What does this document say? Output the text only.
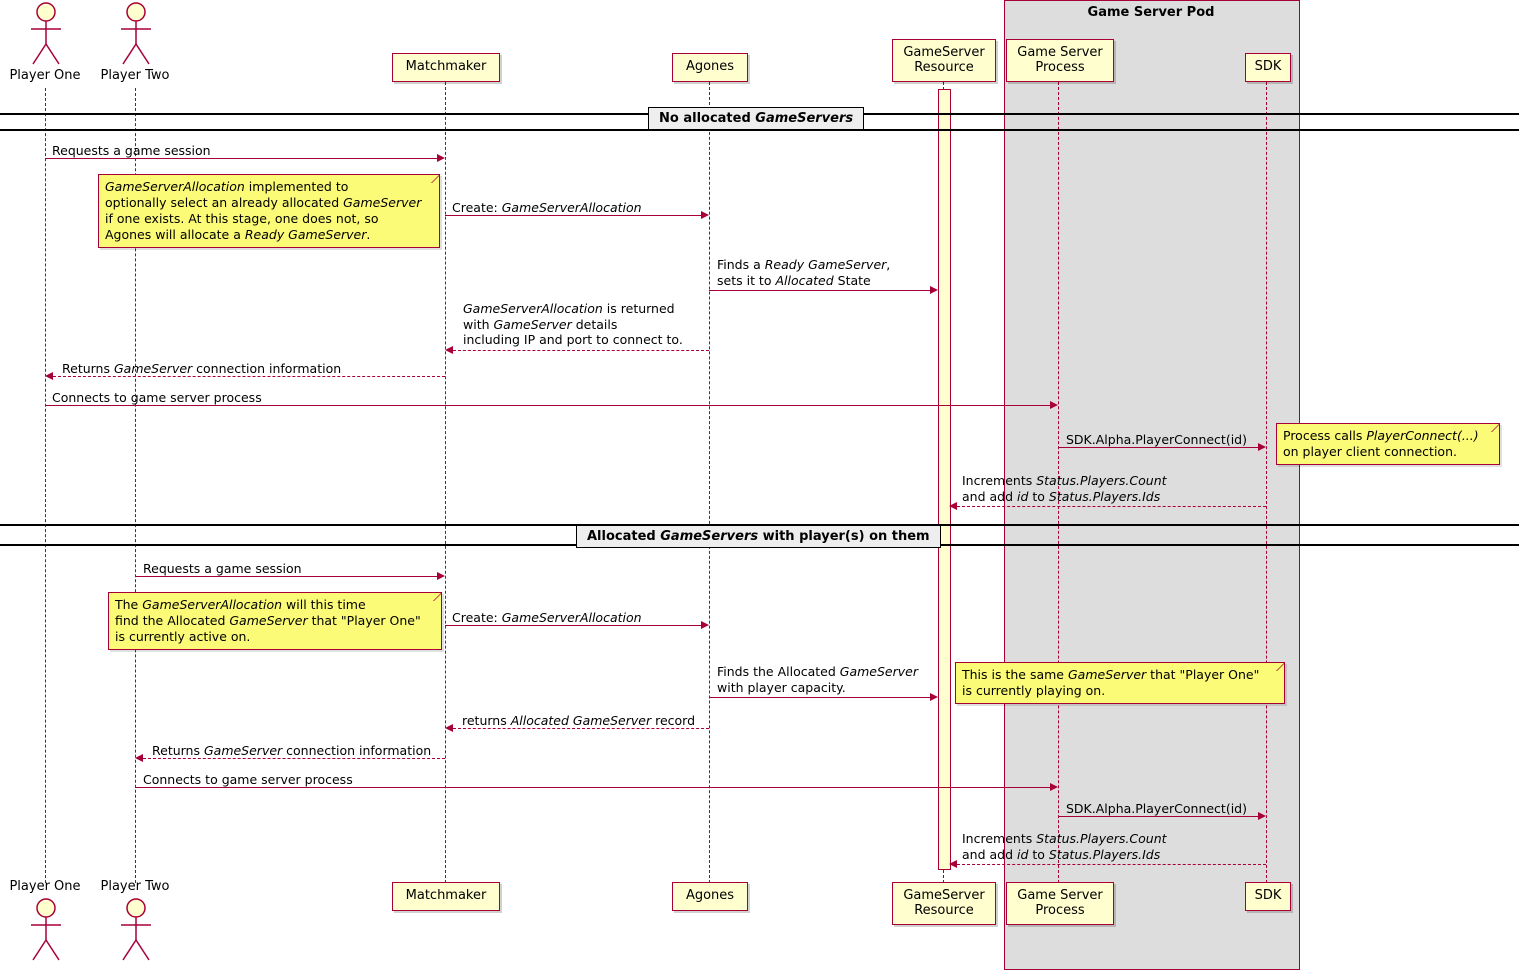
Game Server Pod
Matchmaker	Agones
GameServer
Resource
Game Server
Process	SDK
Matchmaker	Agones	GameServer
Resource
Game Server
Process
SDK
Player One	Player Two
Player One	Player Two
No allocated GameServers
Requests a game session
GameServerAllocation implemented to
optionally select an already allocated GameServer
if one exists. At this stage, one does not, so
Agones will allocate a Ready GameServer.
Create: GameServerAllocation
Finds a Ready GameServer,
sets it to Allocated State
GameServerAllocation is returned
with GameServer details
including IP and port to connect to.
Returns GameServer connection information
Connects to game server process
SDK.Alpha.PlayerConnect(id)	Process calls PlayerConnect(...)
on player client connection.
Increments Status.Players.Count
and add id to Status.Players.Ids
Allocated GameServers with player(s) on them
Requests a game session
The GameServerAllocation will this time
find the Allocated GameServer that "Player One"
is currently active on.
Create: GameServerAllocation
Finds the Allocated GameServer
with player capacity.
This is the same GameServer that "Player One"
is currently playing on.
returns Allocated GameServer record
Returns GameServer connection information
Connects to game server process
SDK.Alpha.PlayerConnect(id)
Increments Status.Players.Count
and add id to Status.Players.Ids
